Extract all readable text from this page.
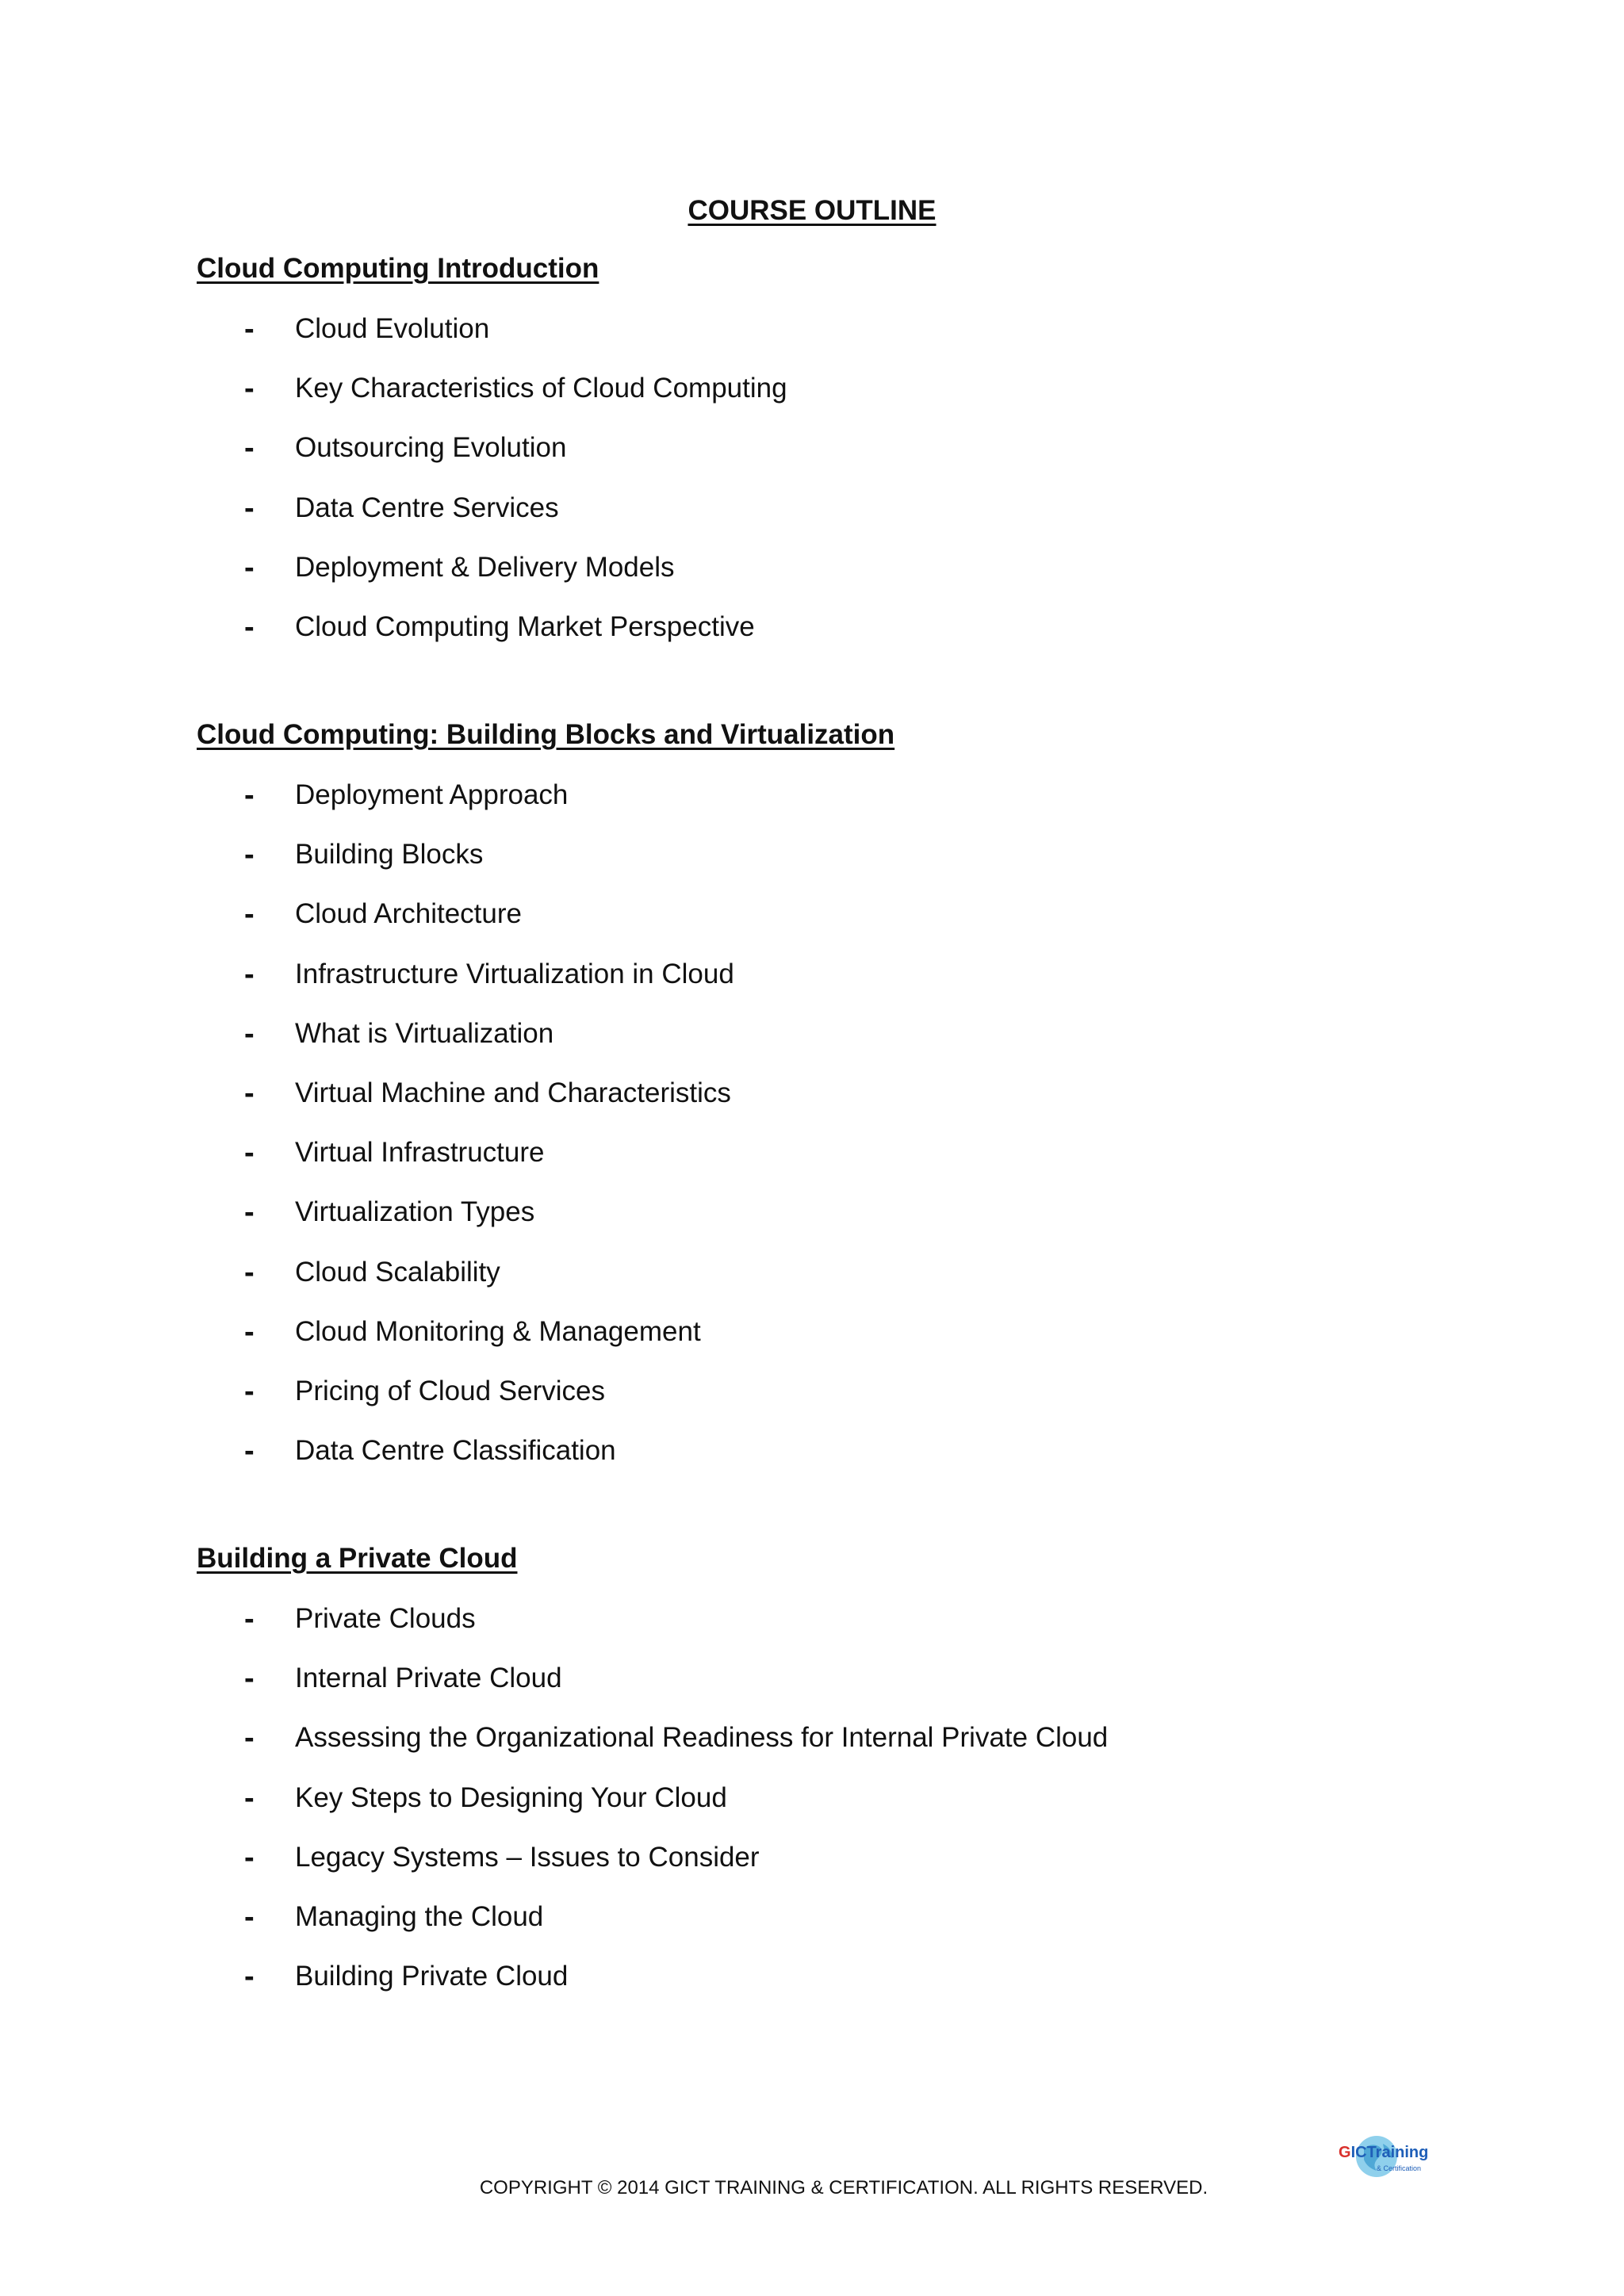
COURSE OUTLINE
Cloud Computing Introduction
- Cloud Evolution
- Key Characteristics of Cloud Computing
- Outsourcing Evolution
- Data Centre Services
- Deployment & Delivery Models
- Cloud Computing Market Perspective
Cloud Computing: Building Blocks and Virtualization
- Deployment Approach
- Building Blocks
- Cloud Architecture
- Infrastructure Virtualization in Cloud
- What is Virtualization
- Virtual Machine and Characteristics
- Virtual Infrastructure
- Virtualization Types
- Cloud Scalability
- Cloud Monitoring & Management
- Pricing of Cloud Services
- Data Centre Classification
Building a Private Cloud
- Private Clouds
- Internal Private Cloud
- Assessing the Organizational Readiness for Internal Private Cloud
- Key Steps to Designing Your Cloud
- Legacy Systems – Issues to Consider
- Managing the Cloud
- Building Private Cloud
GICTraining
& Certification
COPYRIGHT © 2014 GICT TRAINING & CERTIFICATION. ALL RIGHTS RESERVED.
